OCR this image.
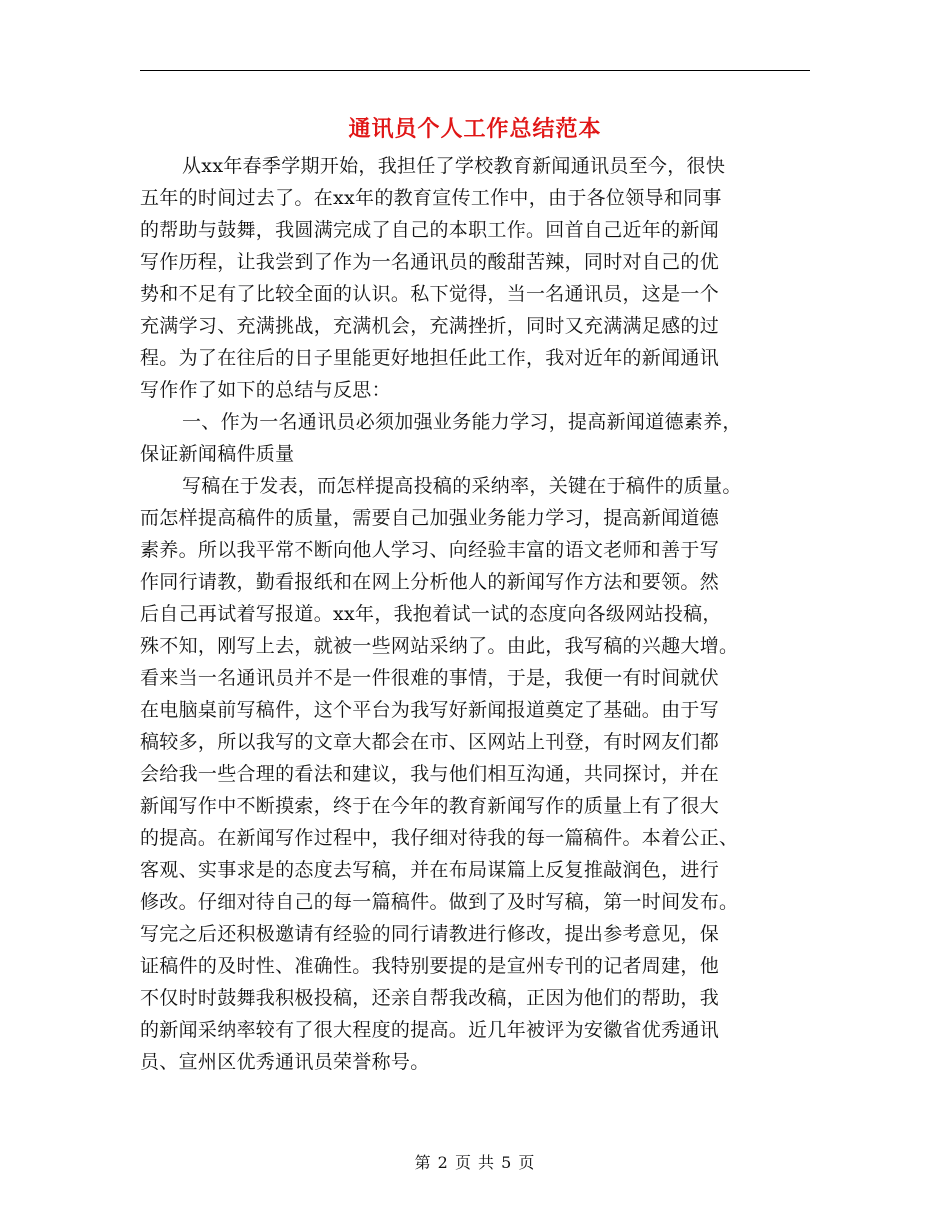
通讯员个人工作总结范本
从xx年春季学期开始，我担任了学校教育新闻通讯员至今，很快
五年的时间过去了。在xx年的教育宣传工作中，由于各位领导和同事
的帮助与鼓舞，我圆满完成了自己的本职工作。回首自己近年的新闻
写作历程，让我尝到了作为一名通讯员的酸甜苦辣，同时对自己的优
势和不足有了比较全面的认识。私下觉得，当一名通讯员，这是一个
充满学习、充满挑战，充满机会，充满挫折，同时又充满满足感的过
程。为了在往后的日子里能更好地担任此工作，我对近年的新闻通讯
写作作了如下的总结与反思：
一、作为一名通讯员必须加强业务能力学习，提高新闻道德素养，
保证新闻稿件质量
写稿在于发表，而怎样提高投稿的采纳率，关键在于稿件的质量。
而怎样提高稿件的质量，需要自己加强业务能力学习，提高新闻道德
素养。所以我平常不断向他人学习、向经验丰富的语文老师和善于写
作同行请教，勤看报纸和在网上分析他人的新闻写作方法和要领。然
后自己再试着写报道。xx年，我抱着试一试的态度向各级网站投稿，
殊不知，刚写上去，就被一些网站采纳了。由此，我写稿的兴趣大增。
看来当一名通讯员并不是一件很难的事情，于是，我便一有时间就伏
在电脑桌前写稿件，这个平台为我写好新闻报道奠定了基础。由于写
稿较多，所以我写的文章大都会在市、区网站上刊登，有时网友们都
会给我一些合理的看法和建议，我与他们相互沟通，共同探讨，并在
新闻写作中不断摸索，终于在今年的教育新闻写作的质量上有了很大
的提高。在新闻写作过程中，我仔细对待我的每一篇稿件。本着公正、
客观、实事求是的态度去写稿，并在布局谋篇上反复推敲润色，进行
修改。仔细对待自己的每一篇稿件。做到了及时写稿，第一时间发布。
写完之后还积极邀请有经验的同行请教进行修改，提出参考意见，保
证稿件的及时性、准确性。我特别要提的是宣州专刊的记者周建，他
不仅时时鼓舞我积极投稿，还亲自帮我改稿，正因为他们的帮助，我
的新闻采纳率较有了很大程度的提高。近几年被评为安徽省优秀通讯
员、宣州区优秀通讯员荣誉称号。
第 2 页 共 5 页
